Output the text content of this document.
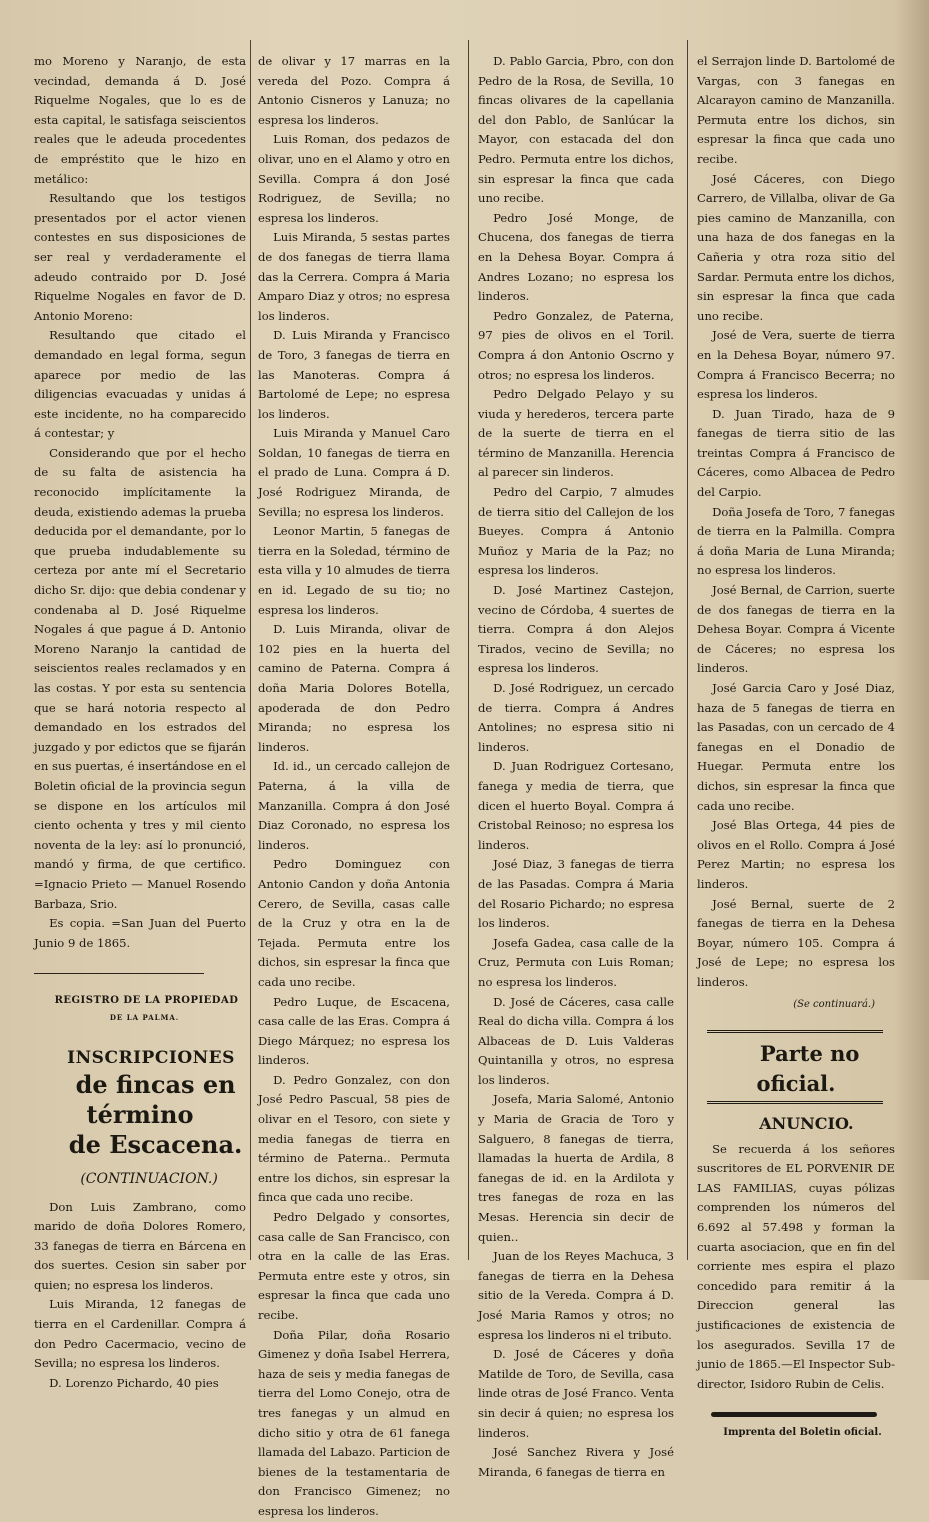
mo Moreno y Naranjo, de esta vecindad, demanda á D. José Riquelme Nogales, que lo es de esta capital, le satisfaga seiscientos reales que le adeuda procedentes de empréstito que le hizo en metálico:

Resultando que los testigos presentados por el actor vienen contestes en sus disposiciones de ser real y verdaderamente el adeudo contraido por D. José Riquelme Nogales en favor de D. Antonio Moreno:

Resultando que citado el demandado en legal forma, segun aparece por medio de las diligencias evacuadas y unidas á este incidente, no ha comparecido á contestar; y

Considerando que por el hecho de su falta de asistencia ha reconocido implícitamente la deuda, existiendo ademas la prueba deducida por el demandante, por lo que prueba indudablemente su certeza por ante mí el Secretario dicho Sr. dijo: que debia condenar y condenaba al D. José Riquelme Nogales á que pague á D. Antonio Moreno Naranjo la cantidad de seiscientos reales reclamados y en las costas. Y por esta su sentencia que se hará notoria respecto al demandado en los estrados del juzgado y por edictos que se fijarán en sus puertas, é insertándose en el Boletin oficial de la provincia segun se dispone en los artículos mil ciento ochenta y tres y mil ciento noventa de la ley: así lo pronunció, mandó y firma, de que certifico. =Ignacio Prieto — Manuel Rosendo Barbaza, Srio.

Es copia. =San Juan del Puerto Junio 9 de 1865.

REGISTRO DE LA PROPIEDAD

DE LA PALMA.

INSCRIPCIONES

de fincas en término

de Escacena.

(CONTINUACION.)

Don Luis Zambrano, como marido de doña Dolores Romero, 33 fanegas de tierra en Bárcena en dos suertes. Cesion sin saber por quien; no espresa los linderos.

Luis Miranda, 12 fanegas de tierra en el Cardenillar. Compra á don Pedro Cacermacio, vecino de Sevilla; no espresa los linderos.

D. Lorenzo Pichardo, 40 pies

de olivar y 17 marras en la vereda del Pozo. Compra á Antonio Cisneros y Lanuza; no espresa los linderos.

Luis Roman, dos pedazos de olivar, uno en el Alamo y otro en Sevilla. Compra á don José Rodriguez, de Sevilla; no espresa los linderos.

Luis Miranda, 5 sestas partes de dos fanegas de tierra llama das la Cerrera. Compra á Maria Amparo Diaz y otros; no espresa los linderos.

D. Luis Miranda y Francisco de Toro, 3 fanegas de tierra en las Manoteras. Compra á Bartolomé de Lepe; no espresa los linderos.

Luis Miranda y Manuel Caro Soldan, 10 fanegas de tierra en el prado de Luna. Compra á D. José Rodriguez Miranda, de Sevilla; no espresa los linderos.

Leonor Martin, 5 fanegas de tierra en la Soledad, término de esta villa y 10 almudes de tierra en id. Legado de su tio; no espresa los linderos.

D. Luis Miranda, olivar de 102 pies en la huerta del camino de Paterna. Compra á doña Maria Dolores Botella, apoderada de don Pedro Miranda; no espresa los linderos.

Id. id., un cercado callejon de Paterna, á la villa de Manzanilla. Compra á don José Diaz Coronado, no espresa los linderos.

Pedro Dominguez con Antonio Candon y doña Antonia Cerero, de Sevilla, casas calle de la Cruz y otra en la de Tejada. Permuta entre los dichos, sin espresar la finca que cada uno recibe.

Pedro Luque, de Escacena, casa calle de las Eras. Compra á Diego Márquez; no espresa los linderos.

D. Pedro Gonzalez, con don José Pedro Pascual, 58 pies de olivar en el Tesoro, con siete y media fanegas de tierra en término de Paterna.. Permuta entre los dichos, sin espresar la finca que cada uno recibe.

Pedro Delgado y consortes, casa calle de San Francisco, con otra en la calle de las Eras. Permuta entre este y otros, sin espresar la finca que cada uno recibe.

Doña Pilar, doña Rosario Gimenez y doña Isabel Herrera, haza de seis y media fanegas de tierra del Lomo Conejo, otra de tres fanegas y un almud en dicho sitio y otra de 61 fanega llamada del Labazo. Particion de bienes de la testamentaria de don Francisco Gimenez; no espresa los linderos.

D. Pablo Garcia, Pbro, con don Pedro de la Rosa, de Sevilla, 10 fincas olivares de la capellania del don Pablo, de Sanlúcar la Mayor, con estacada del don Pedro. Permuta entre los dichos, sin espresar la finca que cada uno recibe.

Pedro José Monge, de Chucena, dos fanegas de tierra en la Dehesa Boyar. Compra á Andres Lozano; no espresa los linderos.

Pedro Gonzalez, de Paterna, 97 pies de olivos en el Toril. Compra á don Antonio Oscrno y otros; no espresa los linderos.

Pedro Delgado Pelayo y su viuda y herederos, tercera parte de la suerte de tierra en el término de Manzanilla. Herencia al parecer sin linderos.

Pedro del Carpio, 7 almudes de tierra sitio del Callejon de los Bueyes. Compra á Antonio Muñoz y Maria de la Paz; no espresa los linderos.

D. José Martinez Castejon, vecino de Córdoba, 4 suertes de tierra. Compra á don Alejos Tirados, vecino de Sevilla; no espresa los linderos.

D. José Rodriguez, un cercado de tierra. Compra á Andres Antolines; no espresa sitio ni linderos.

D. Juan Rodriguez Cortesano, fanega y media de tierra, que dicen el huerto Boyal. Compra á Cristobal Reinoso; no espresa los linderos.

José Diaz, 3 fanegas de tierra de las Pasadas. Compra á Maria del Rosario Pichardo; no espresa los linderos.

Josefa Gadea, casa calle de la Cruz, Permuta con Luis Roman; no espresa los linderos.

D. José de Cáceres, casa calle Real do dicha villa. Compra á los Albaceas de D. Luis Valderas Quintanilla y otros, no espresa los linderos.

Josefa, Maria Salomé, Antonio y Maria de Gracia de Toro y Salguero, 8 fanegas de tierra, llamadas la huerta de Ardila, 8 fanegas de id. en la Ardilota y tres fanegas de roza en las Mesas. Herencia sin decir de quien..

Juan de los Reyes Machuca, 3 fanegas de tierra en la Dehesa sitio de la Vereda. Compra á D. José Maria Ramos y otros; no espresa los linderos ni el tributo.

D. José de Cáceres y doña Matilde de Toro, de Sevilla, casa linde otras de José Franco. Venta sin decir á quien; no espresa los linderos.

José Sanchez Rivera y José Miranda, 6 fanegas de tierra en

el Serrajon linde D. Bartolomé de Vargas, con 3 fanegas en Alcarayon camino de Manzanilla. Permuta entre los dichos, sin espresar la finca que cada uno recibe.

José Cáceres, con Diego Carrero, de Villalba, olivar de Ga pies camino de Manzanilla, con una haza de dos fanegas en la Cañeria y otra roza sitio del Sardar. Permuta entre los dichos, sin espresar la finca que cada uno recibe.

José de Vera, suerte de tierra en la Dehesa Boyar, número 97. Compra á Francisco Becerra; no espresa los linderos.

D. Juan Tirado, haza de 9 fanegas de tierra sitio de las treintas Compra á Francisco de Cáceres, como Albacea de Pedro del Carpio.

Doña Josefa de Toro, 7 fanegas de tierra en la Palmilla. Compra á doña Maria de Luna Miranda; no espresa los linderos.

José Bernal, de Carrion, suerte de dos fanegas de tierra en la Dehesa Boyar. Compra á Vicente de Cáceres; no espresa los linderos.

José Garcia Caro y José Diaz, haza de 5 fanegas de tierra en las Pasadas, con un cercado de 4 fanegas en el Donadio de Huegar. Permuta entre los dichos, sin espresar la finca que cada uno recibe.

José Blas Ortega, 44 pies de olivos en el Rollo. Compra á José Perez Martin; no espresa los linderos.

José Bernal, suerte de 2 fanegas de tierra en la Dehesa Boyar, número 105. Compra á José de Lepe; no espresa los linderos.

(Se continuará.)

Parte no oficial.

ANUNCIO.

Se recuerda á los señores suscritores de EL PORVENIR DE LAS FAMILIAS, cuyas pólizas comprenden los números del 6.692 al 57.498 y forman la cuarta asociacion, que en fin del corriente mes espira el plazo concedido para remitir á la Direccion general las justificaciones de existencia de los asegurados. Sevilla 17 de junio de 1865.—El Inspector Sub-director, Isidoro Rubin de Celis.

Imprenta del Boletin oficial.
